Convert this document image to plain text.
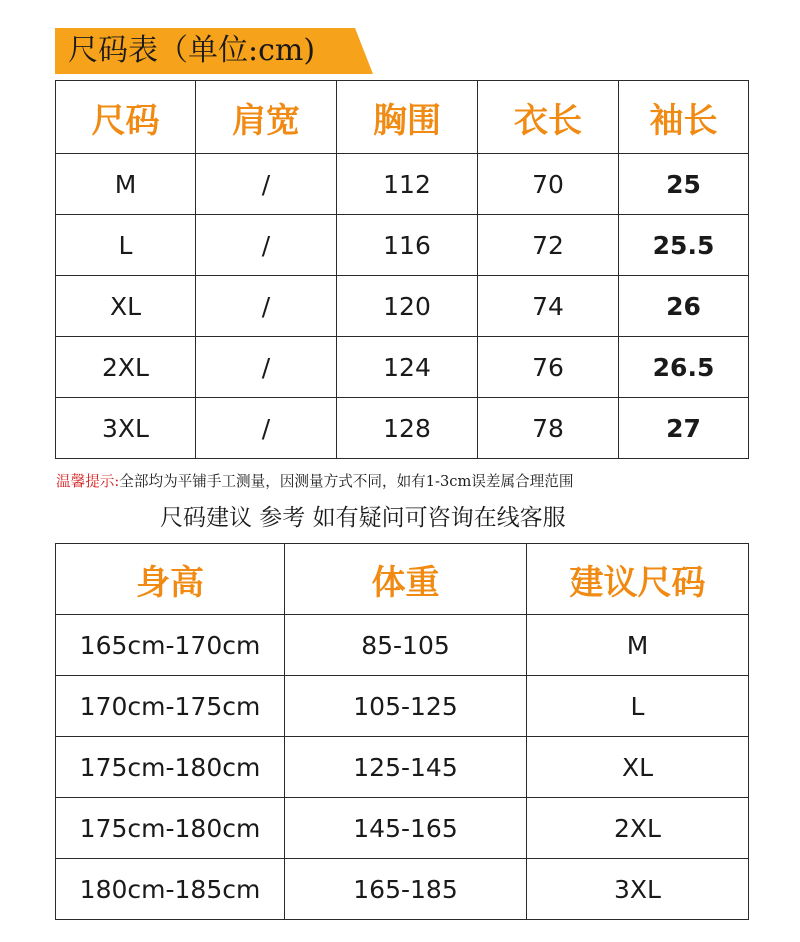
尺码表（单位:cm)
尺码	肩宽	胸围	衣长	袖长
M	/	112	70	25
L	/	116	72	25.5
XL	/	120	74	26
2XL	/	124	76	26.5
3XL	/	128	78	27
温馨提示:全部均为平铺手工测量，因测量方式不同，如有1-3cm误差属合理范围
尺码建议 参考 如有疑问可咨询在线客服
身高	体重	建议尺码
165cm-170cm	85-105	M
170cm-175cm	105-125	L
175cm-180cm	125-145	XL
175cm-180cm	145-165	2XL
180cm-185cm	165-185	3XL
